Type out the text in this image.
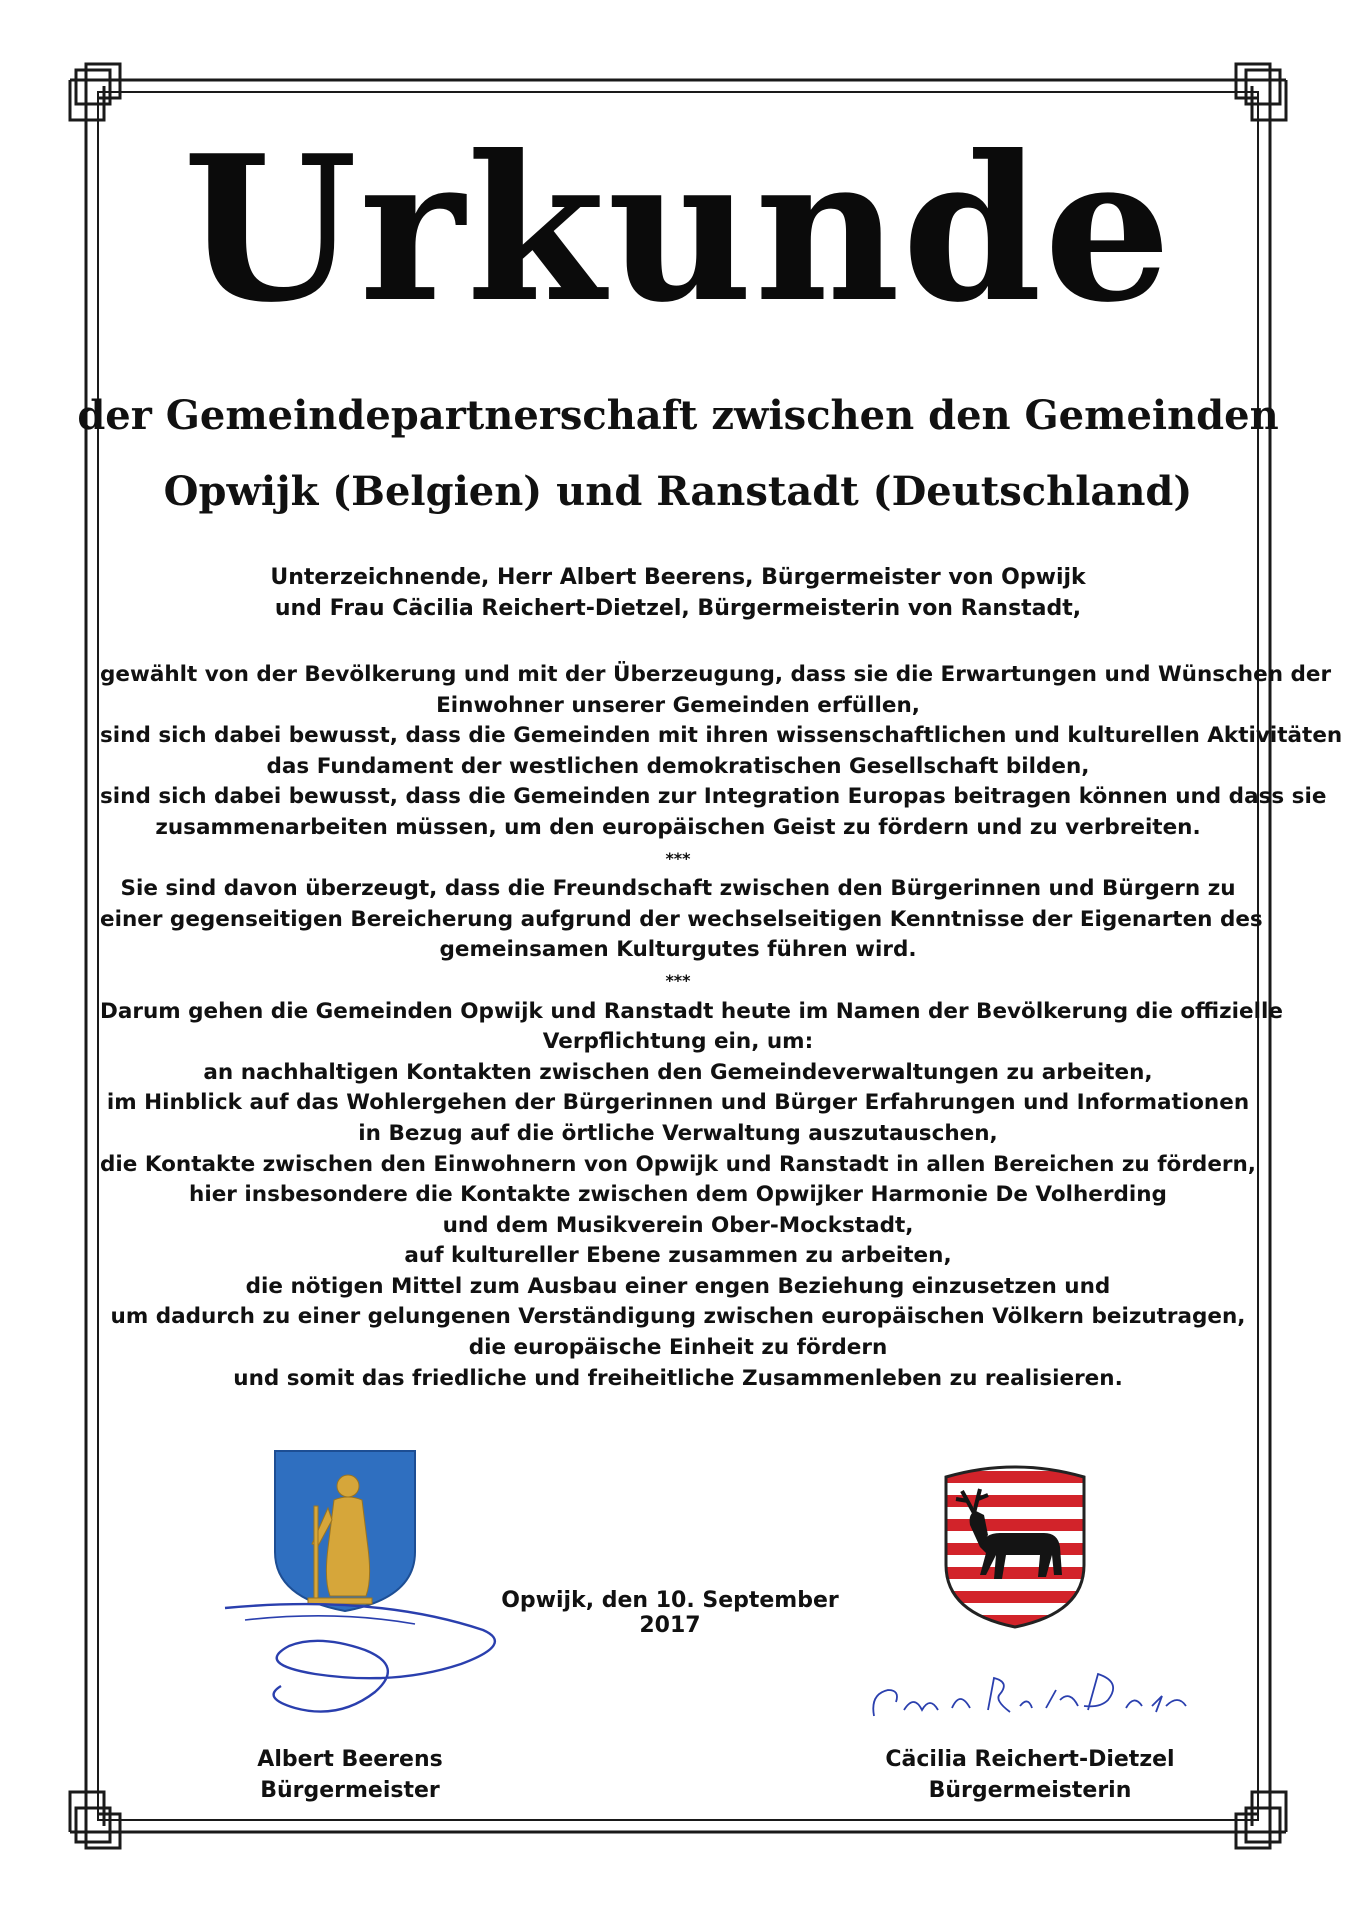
Urkunde
der Gemeindepartnerschaft zwischen den Gemeinden
Opwijk (Belgien) und Ranstadt (Deutschland)
Unterzeichnende, Herr Albert Beerens, Bürgermeister von Opwijk
und Frau Cäcilia Reichert-Dietzel, Bürgermeisterin von Ranstadt,
gewählt von der Bevölkerung und mit der Überzeugung, dass sie die Erwartungen und Wünschen der
Einwohner unserer Gemeinden erfüllen,
sind sich dabei bewusst, dass die Gemeinden mit ihren wissenschaftlichen und kulturellen Aktivitäten
das Fundament der westlichen demokratischen Gesellschaft bilden,
sind sich dabei bewusst, dass die Gemeinden zur Integration Europas beitragen können und dass sie
zusammenarbeiten müssen, um den europäischen Geist zu fördern und zu verbreiten.
***
Sie sind davon überzeugt, dass die Freundschaft zwischen den Bürgerinnen und Bürgern zu
einer gegenseitigen Bereicherung aufgrund der wechselseitigen Kenntnisse der Eigenarten des
gemeinsamen Kulturgutes führen wird.
***
Darum gehen die Gemeinden Opwijk und Ranstadt heute im Namen der Bevölkerung die offizielle
Verpflichtung ein, um:
an nachhaltigen Kontakten zwischen den Gemeindeverwaltungen zu arbeiten,
im Hinblick auf das Wohlergehen der Bürgerinnen und Bürger Erfahrungen und Informationen
in Bezug auf die örtliche Verwaltung auszutauschen,
die Kontakte zwischen den Einwohnern von Opwijk und Ranstadt in allen Bereichen zu fördern,
hier insbesondere die Kontakte zwischen dem Opwijker Harmonie De Volherding
und dem Musikverein Ober-Mockstadt,
auf kultureller Ebene zusammen zu arbeiten,
die nötigen Mittel zum Ausbau einer engen Beziehung einzusetzen und
um dadurch zu einer gelungenen Verständigung zwischen europäischen Völkern beizutragen,
die europäische Einheit zu fördern
und somit das friedliche und freiheitliche Zusammenleben zu realisieren.
Opwijk, den 10. September 2017
Albert Beerens
Bürgermeister
Cäcilia Reichert-Dietzel
Bürgermeisterin
